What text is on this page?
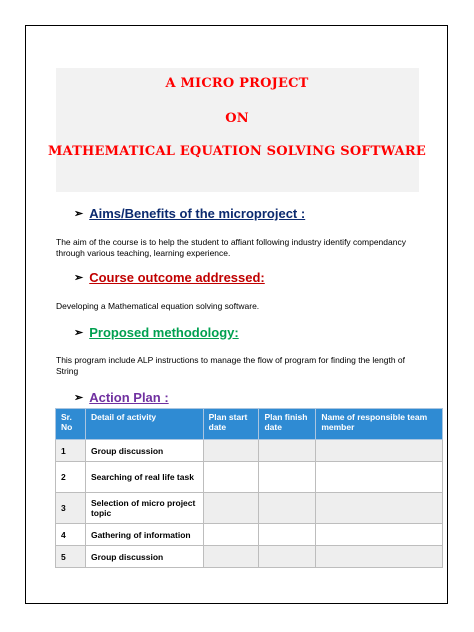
A MICRO PROJECT
ON
MATHEMATICAL EQUATION SOLVING SOFTWARE
➢ Aims/Benefits of the microproject :
The aim of the course is to help the student to affiant following industry identify compendancy through various teaching, learning experience.
➢ Course outcome addressed:
Developing a Mathematical equation solving software.
➢ Proposed methodology:
This program include ALP instructions to manage the flow of program for finding the length of String
➢ Action Plan :
Sr. No	Detail of activity	Plan start date	Plan finish date	Name of responsible team member
1	Group discussion			
2	Searching of real life task			
3	Selection of micro project topic			
4	Gathering of information			
5	Group discussion			
